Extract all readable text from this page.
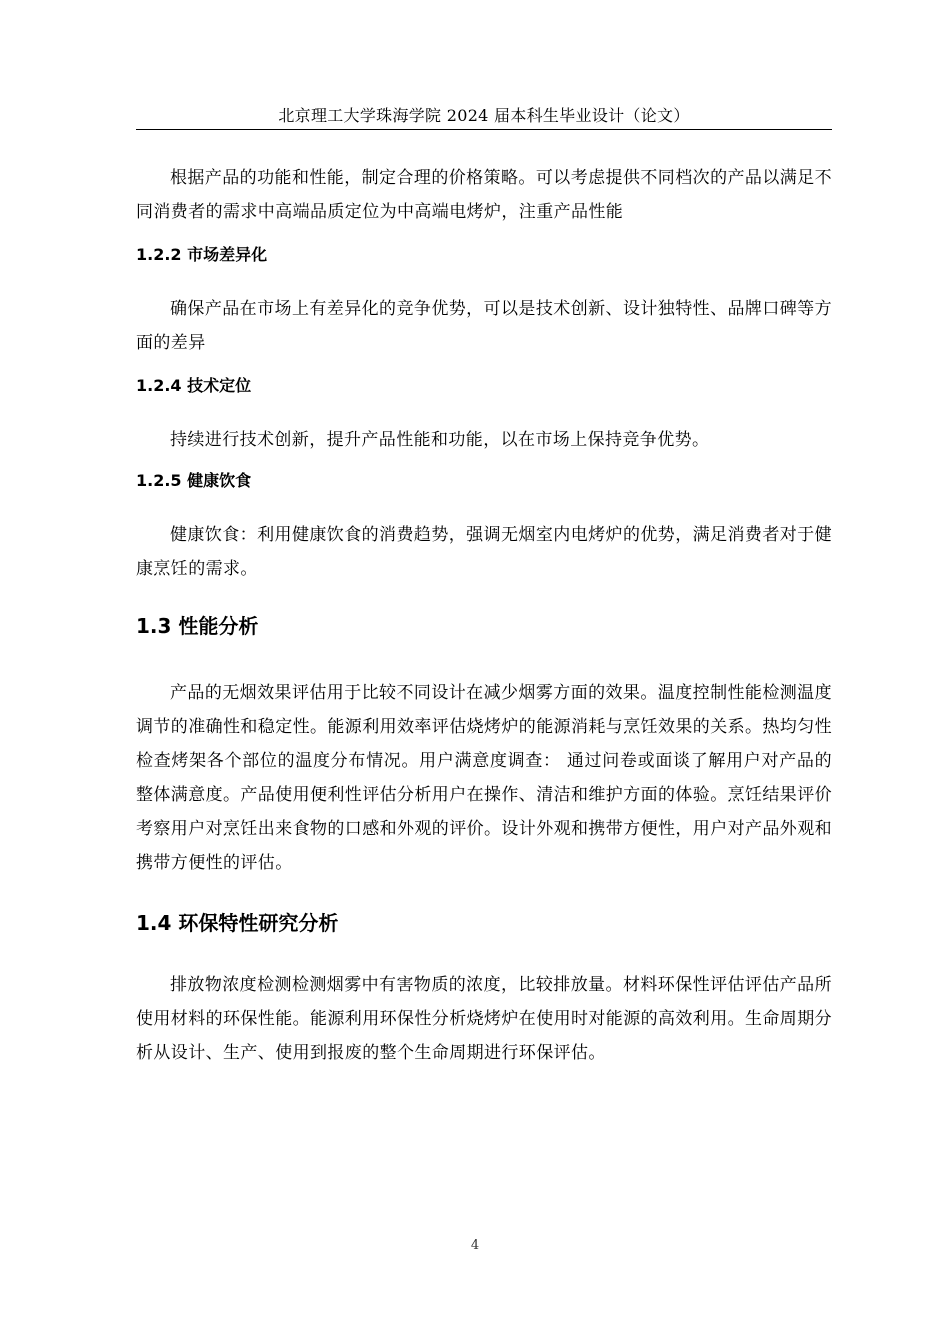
北京理工大学珠海学院 2024 届本科生毕业设计（论文）

根据产品的功能和性能，制定合理的价格策略。可以考虑提供不同档次的产品以满足不同消费者的需求中高端品质定位为中高端电烤炉，注重产品性能

1.2.2 市场差异化

确保产品在市场上有差异化的竞争优势，可以是技术创新、设计独特性、品牌口碑等方面的差异

1.2.4 技术定位

持续进行技术创新，提升产品性能和功能，以在市场上保持竞争优势。

1.2.5 健康饮食

健康饮食：利用健康饮食的消费趋势，强调无烟室内电烤炉的优势，满足消费者对于健康烹饪的需求。

1.3 性能分析

产品的无烟效果评估用于比较不同设计在减少烟雾方面的效果。温度控制性能检测温度调节的准确性和稳定性。能源利用效率评估烧烤炉的能源消耗与烹饪效果的关系。热均匀性检查烤架各个部位的温度分布情况。用户满意度调查： 通过问卷或面谈了解用户对产品的整体满意度。产品使用便利性评估分析用户在操作、清洁和维护方面的体验。烹饪结果评价考察用户对烹饪出来食物的口感和外观的评价。设计外观和携带方便性，用户对产品外观和携带方便性的评估。

1.4 环保特性研究分析

排放物浓度检测检测烟雾中有害物质的浓度，比较排放量。材料环保性评估评估产品所使用材料的环保性能。能源利用环保性分析烧烤炉在使用时对能源的高效利用。生命周期分析从设计、生产、使用到报废的整个生命周期进行环保评估。

4
